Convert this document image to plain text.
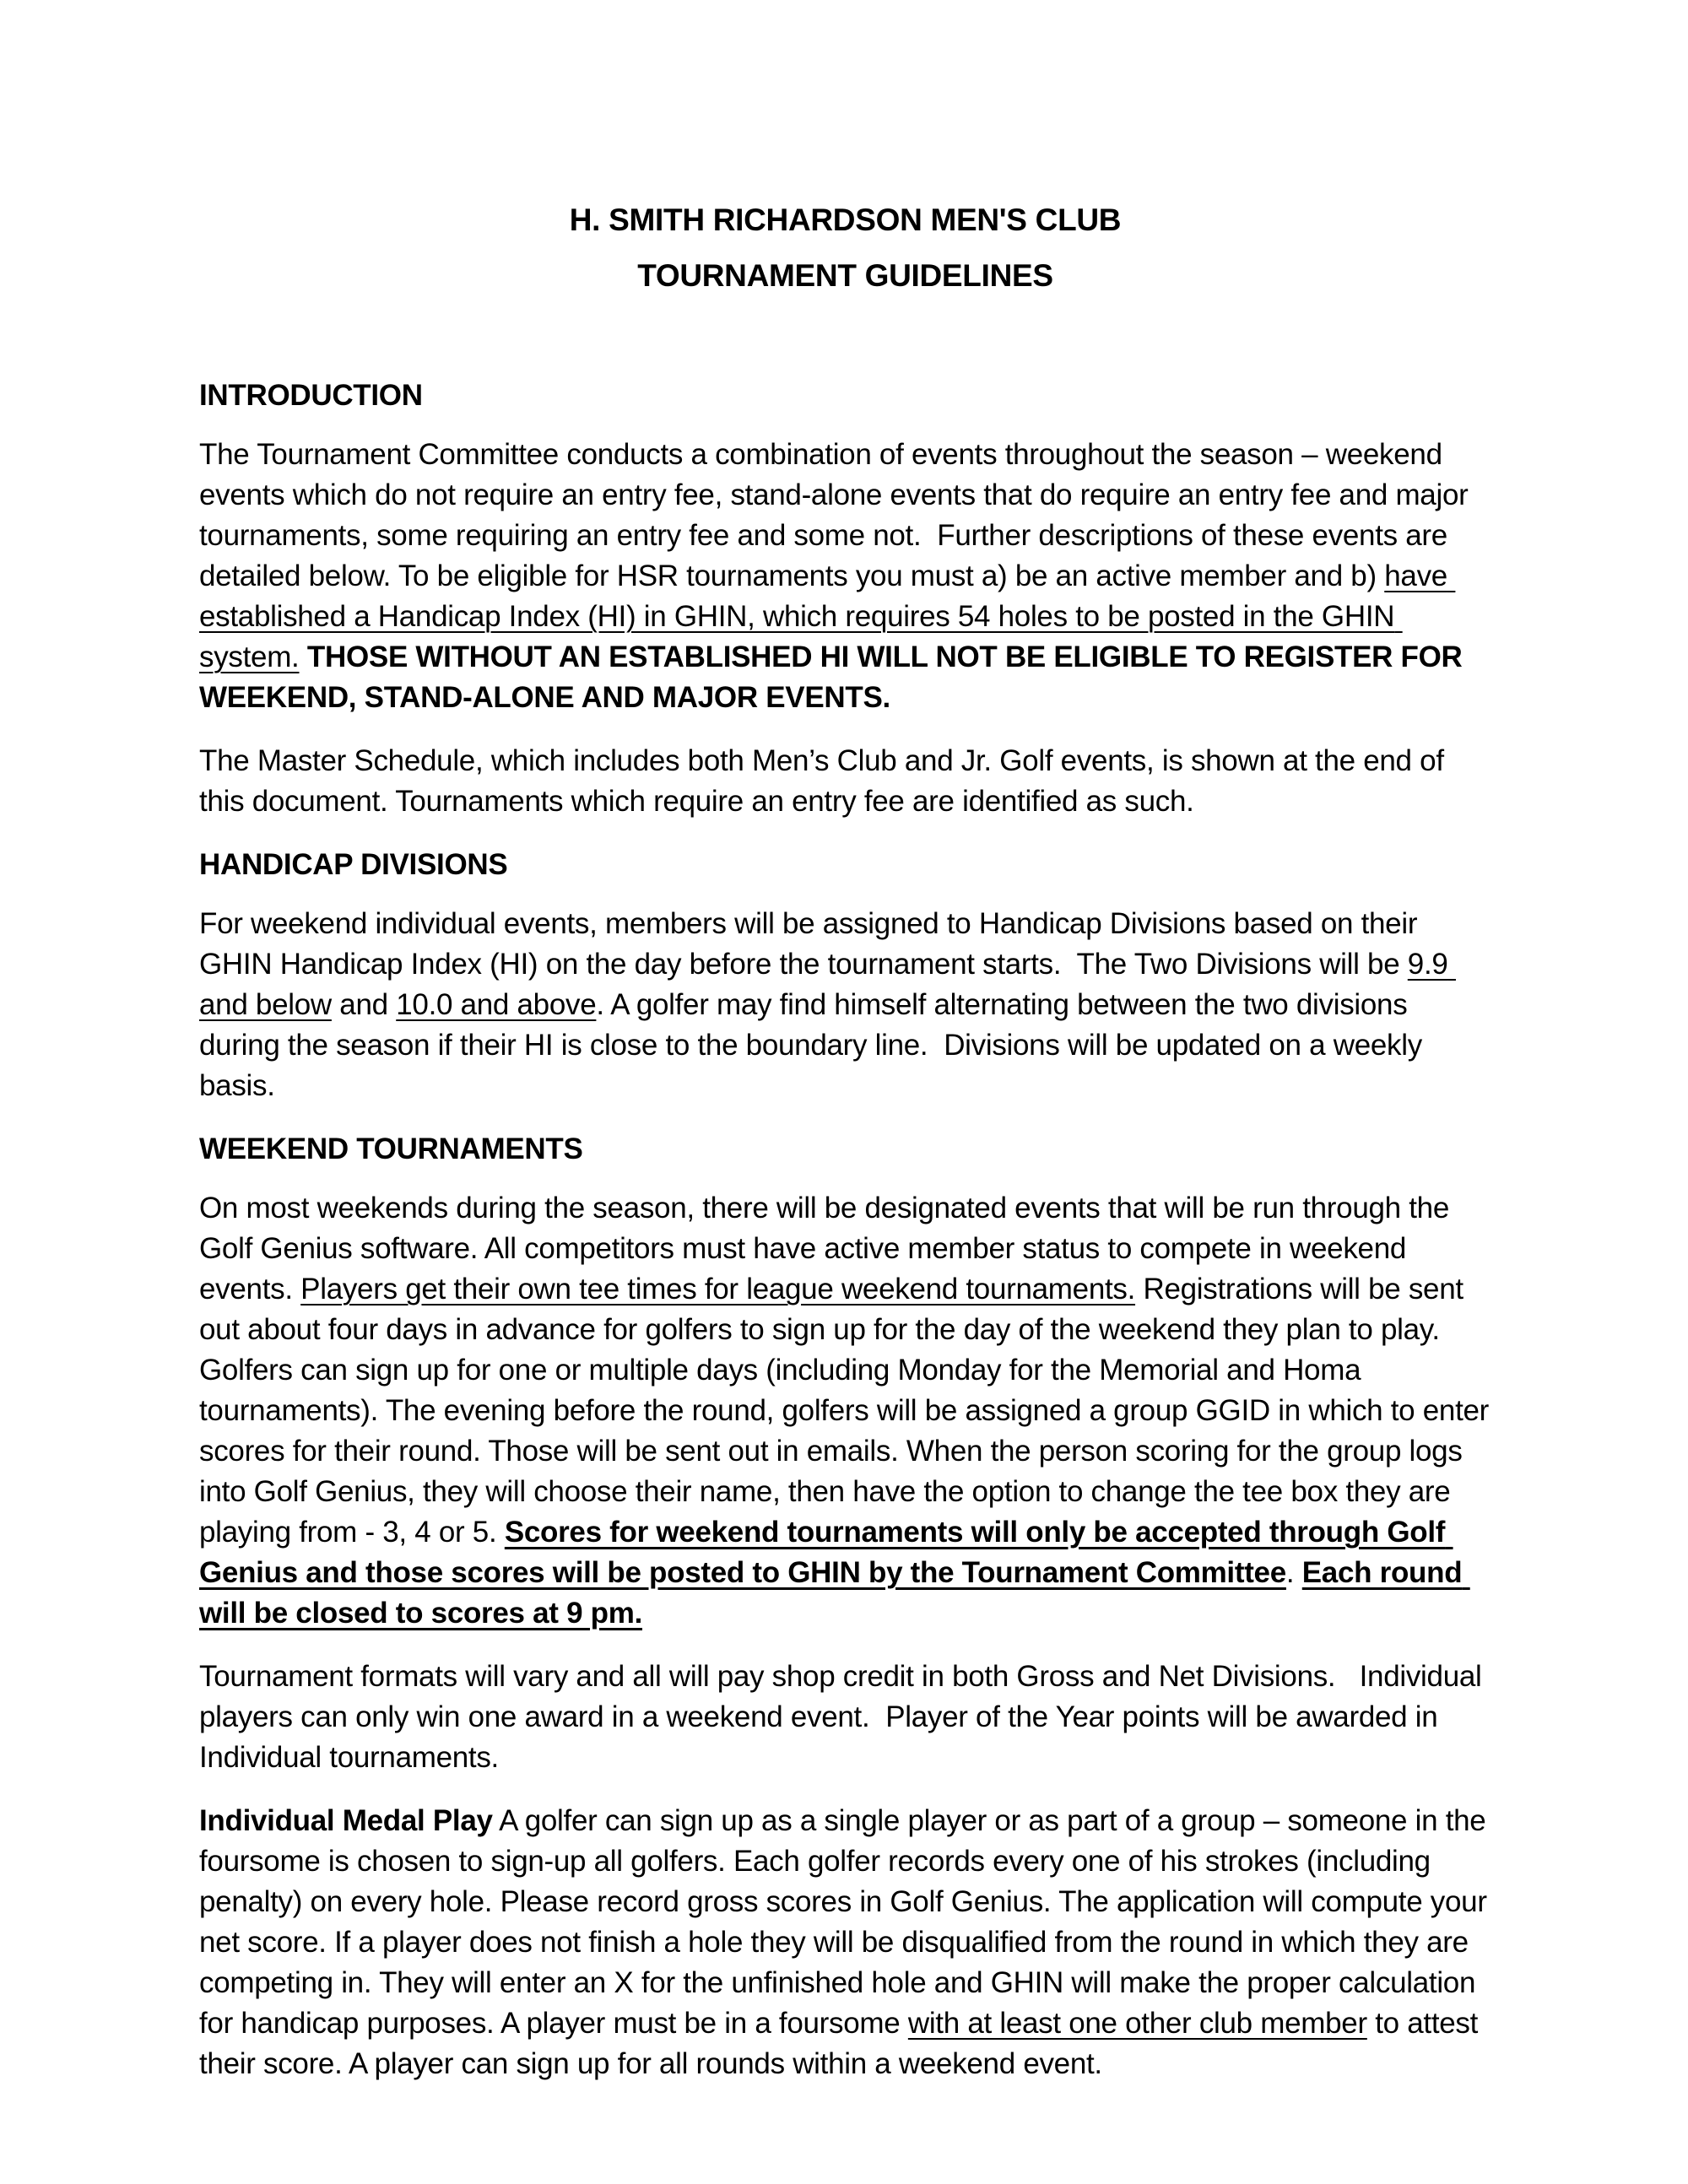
H. SMITH RICHARDSON MEN'S CLUB
TOURNAMENT GUIDELINES
INTRODUCTION

The Tournament Committee conducts a combination of events throughout the season – weekend events which do not require an entry fee, stand-alone events that do require an entry fee and major tournaments, some requiring an entry fee and some not.  Further descriptions of these events are detailed below. To be eligible for HSR tournaments you must a) be an active member and b) have established a Handicap Index (HI) in GHIN, which requires 54 holes to be posted in the GHIN system. THOSE WITHOUT AN ESTABLISHED HI WILL NOT BE ELIGIBLE TO REGISTER FOR WEEKEND, STAND-ALONE AND MAJOR EVENTS.

The Master Schedule, which includes both Men’s Club and Jr. Golf events, is shown at the end of this document. Tournaments which require an entry fee are identified as such.

HANDICAP DIVISIONS

For weekend individual events, members will be assigned to Handicap Divisions based on their GHIN Handicap Index (HI) on the day before the tournament starts.  The Two Divisions will be 9.9 and below and 10.0 and above. A golfer may find himself alternating between the two divisions during the season if their HI is close to the boundary line.  Divisions will be updated on a weekly basis.

WEEKEND TOURNAMENTS

On most weekends during the season, there will be designated events that will be run through the Golf Genius software. All competitors must have active member status to compete in weekend events. Players get their own tee times for league weekend tournaments. Registrations will be sent out about four days in advance for golfers to sign up for the day of the weekend they plan to play. Golfers can sign up for one or multiple days (including Monday for the Memorial and Homa tournaments). The evening before the round, golfers will be assigned a group GGID in which to enter scores for their round. Those will be sent out in emails. When the person scoring for the group logs into Golf Genius, they will choose their name, then have the option to change the tee box they are playing from - 3, 4 or 5. Scores for weekend tournaments will only be accepted through Golf Genius and those scores will be posted to GHIN by the Tournament Committee. Each round will be closed to scores at 9 pm.

Tournament formats will vary and all will pay shop credit in both Gross and Net Divisions.   Individual players can only win one award in a weekend event.  Player of the Year points will be awarded in Individual tournaments.

Individual Medal Play A golfer can sign up as a single player or as part of a group – someone in the foursome is chosen to sign-up all golfers. Each golfer records every one of his strokes (including penalty) on every hole. Please record gross scores in Golf Genius. The application will compute your net score. If a player does not finish a hole they will be disqualified from the round in which they are competing in. They will enter an X for the unfinished hole and GHIN will make the proper calculation for handicap purposes. A player must be in a foursome with at least one other club member to attest their score. A player can sign up for all rounds within a weekend event.
